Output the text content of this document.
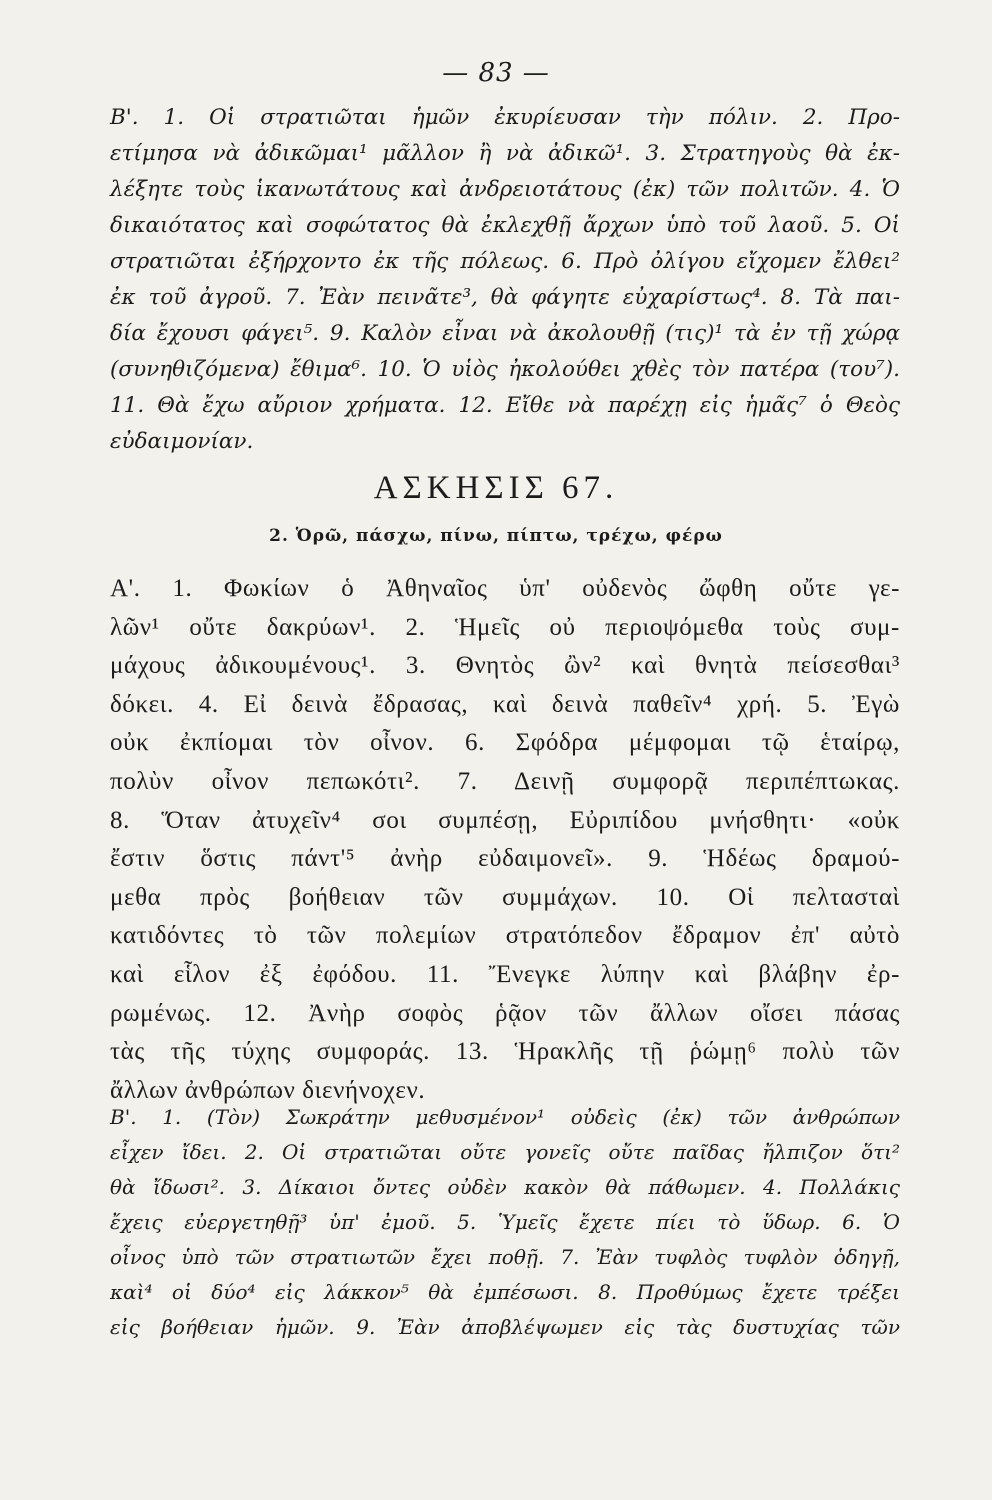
— 83 —
Β'. 1. Οἱ στρατιῶται ἡμῶν ἐκυρίευσαν τὴν πόλιν. 2. Προ-
ετίμησα νὰ ἀδικῶμαι¹ μᾶλλον ἢ νὰ ἀδικῶ¹. 3. Στρατηγοὺς θὰ ἐκ-
λέξητε τοὺς ἱκανωτάτους καὶ ἀνδρειοτάτους (ἐκ) τῶν πολιτῶν. 4. Ὁ
δικαιότατος καὶ σοφώτατος θὰ ἐκλεχθῇ ἄρχων ὑπὸ τοῦ λαοῦ. 5. Οἱ
στρατιῶται ἐξήρχοντο ἐκ τῆς πόλεως. 6. Πρὸ ὀλίγου εἴχομεν ἔλθει²
ἐκ τοῦ ἀγροῦ. 7. Ἐὰν πεινᾶτε³, θὰ φάγητε εὐχαρίστως⁴. 8. Τὰ παι-
δία ἔχουσι φάγει⁵. 9. Καλὸν εἶναι νὰ ἀκολουθῇ (τις)¹ τὰ ἐν τῇ χώρᾳ
(συνηθιζόμενα) ἔθιμα⁶. 10. Ὁ υἱὸς ἠκολούθει χθὲς τὸν πατέρα (του⁷).
11. Θὰ ἔχω αὔριον χρήματα. 12. Εἴθε νὰ παρέχῃ εἰς ἡμᾶς⁷ ὁ Θεὸς
εὐδαιμονίαν.
ΑΣΚΗΣΙΣ 67.
2. Ὁρῶ, πάσχω, πίνω, πίπτω, τρέχω, φέρω
Α'. 1. Φωκίων ὁ Ἀθηναῖος ὑπ' οὐδενὸς ὤφθη οὔτε γε-
λῶν¹ οὔτε δακρύων¹. 2. Ἡμεῖς οὐ περιοψόμεθα τοὺς συμ-
μάχους ἀδικουμένους¹. 3. Θνητὸς ὢν² καὶ θνητὰ πείσεσθαι³
δόκει. 4. Εἰ δεινὰ ἔδρασας, καὶ δεινὰ παθεῖν⁴ χρή. 5. Ἐγὼ
οὐκ ἐκπίομαι τὸν οἶνον. 6. Σφόδρα μέμφομαι τῷ ἑταίρῳ,
πολὺν οἶνον πεπωκότι². 7. Δεινῇ συμφορᾷ περιπέπτωκας.
8. Ὅταν ἀτυχεῖν⁴ σοι συμπέσῃ, Εὐριπίδου μνήσθητι· «οὐκ
ἔστιν ὅστις πάντ'⁵ ἀνὴρ εὐδαιμονεῖ». 9. Ἡδέως δραμού-
μεθα πρὸς βοήθειαν τῶν συμμάχων. 10. Οἱ πελτασταὶ
κατιδόντες τὸ τῶν πολεμίων στρατόπεδον ἔδραμον ἐπ' αὐτὸ
καὶ εἷλον ἐξ ἐφόδου. 11. Ἔνεγκε λύπην καὶ βλάβην ἐρ-
ρωμένως. 12. Ἀνὴρ σοφὸς ῥᾷον τῶν ἄλλων οἴσει πάσας
τὰς τῆς τύχης συμφοράς. 13. Ἡρακλῆς τῇ ῥώμῃ⁶ πολὺ τῶν
ἄλλων ἀνθρώπων διενήνοχεν.
Β'. 1. (Τὸν) Σωκράτην μεθυσμένον¹ οὐδεὶς (ἐκ) τῶν ἀνθρώπων
εἶχεν ἴδει. 2. Οἱ στρατιῶται οὔτε γονεῖς οὔτε παῖδας ἤλπιζον ὅτι²
θὰ ἴδωσι². 3. Δίκαιοι ὄντες οὐδὲν κακὸν θὰ πάθωμεν. 4. Πολλάκις
ἔχεις εὐεργετηθῇ³ ὑπ' ἐμοῦ. 5. Ὑμεῖς ἔχετε πίει τὸ ὕδωρ. 6. Ὁ
οἶνος ὑπὸ τῶν στρατιωτῶν ἔχει ποθῇ. 7. Ἐὰν τυφλὸς τυφλὸν ὁδηγῇ,
καὶ⁴ οἱ δύο⁴ εἰς λάκκον⁵ θὰ ἐμπέσωσι. 8. Προθύμως ἔχετε τρέξει
εἰς βοήθειαν ἡμῶν. 9. Ἐὰν ἀποβλέψωμεν εἰς τὰς δυστυχίας τῶν
